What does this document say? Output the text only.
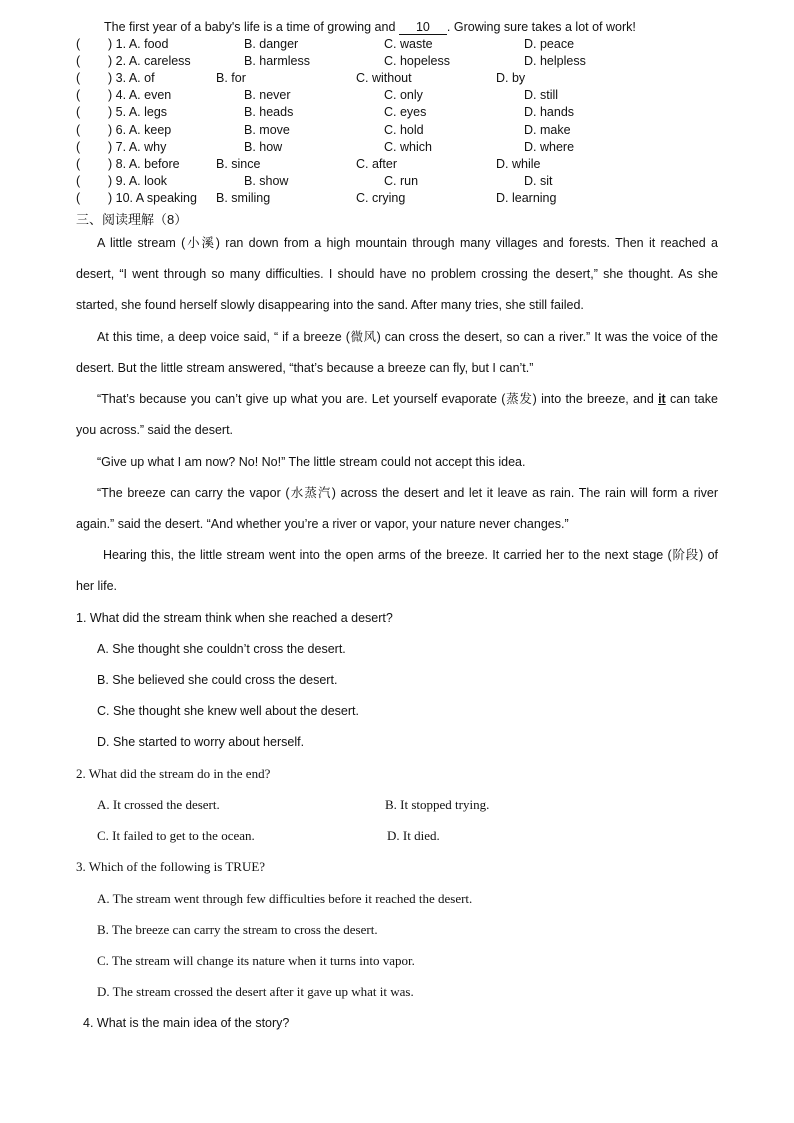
The first year of a baby's life is a time of growing and 10 . Growing sure takes a lot of work!
( ) 1. A. food	B. danger	C. waste	D. peace
( ) 2. A. careless	B. harmless	C. hopeless	D. helpless
( ) 3. A. of	B. for	C. without	D. by
( ) 4. A. even	B. never	C. only	D. still
( ) 5. A. legs	B. heads	C. eyes	D. hands
( ) 6. A. keep	B. move	C. hold	D. make
( ) 7. A. why	B. how	C. which	D. where
( ) 8. A. before	B. since	C. after	D. while
( ) 9. A. look	B. show	C. run	D. sit
( ) 10. A speaking B. smiling	C. crying	D. learning
三、阅读理解（8）
A little stream (小溪) ran down from a high mountain through many villages and forests. Then it reached a desert, “I went through so many difficulties. I should have no problem crossing the desert,” she thought. As she started, she found herself slowly disappearing into the sand. After many tries, she still failed.
At this time, a deep voice said, “ if a breeze (微风) can cross the desert, so can a river.” It was the voice of the desert. But the little stream answered, “that’s because a breeze can fly, but I can’t.”
“That’s because you can’t give up what you are. Let yourself evaporate (蒸发) into the breeze, and it can take you across.” said the desert.
“Give up what I am now? No! No!” The little stream could not accept this idea.
“The breeze can carry the vapor (水蒸汽) across the desert and let it leave as rain. The rain will form a river again.” said the desert. “And whether you’re a river or vapor, your nature never changes.”
Hearing this, the little stream went into the open arms of the breeze. It carried her to the next stage (阶段) of her life.
1. What did the stream think when she reached a desert?
A. She thought she couldn’t cross the desert.
B. She believed she could cross the desert.
C. She thought she knew well about the desert.
D. She started to worry about herself.
2. What did the stream do in the end?
A. It crossed the desert.	B. It stopped trying.
C. It failed to get to the ocean.	D. It died.
3. Which of the following is TRUE?
A. The stream went through few difficulties before it reached the desert.
B. The breeze can carry the stream to cross the desert.
C. The stream will change its nature when it turns into vapor.
D. The stream crossed the desert after it gave up what it was.
4. What is the main idea of the story?
